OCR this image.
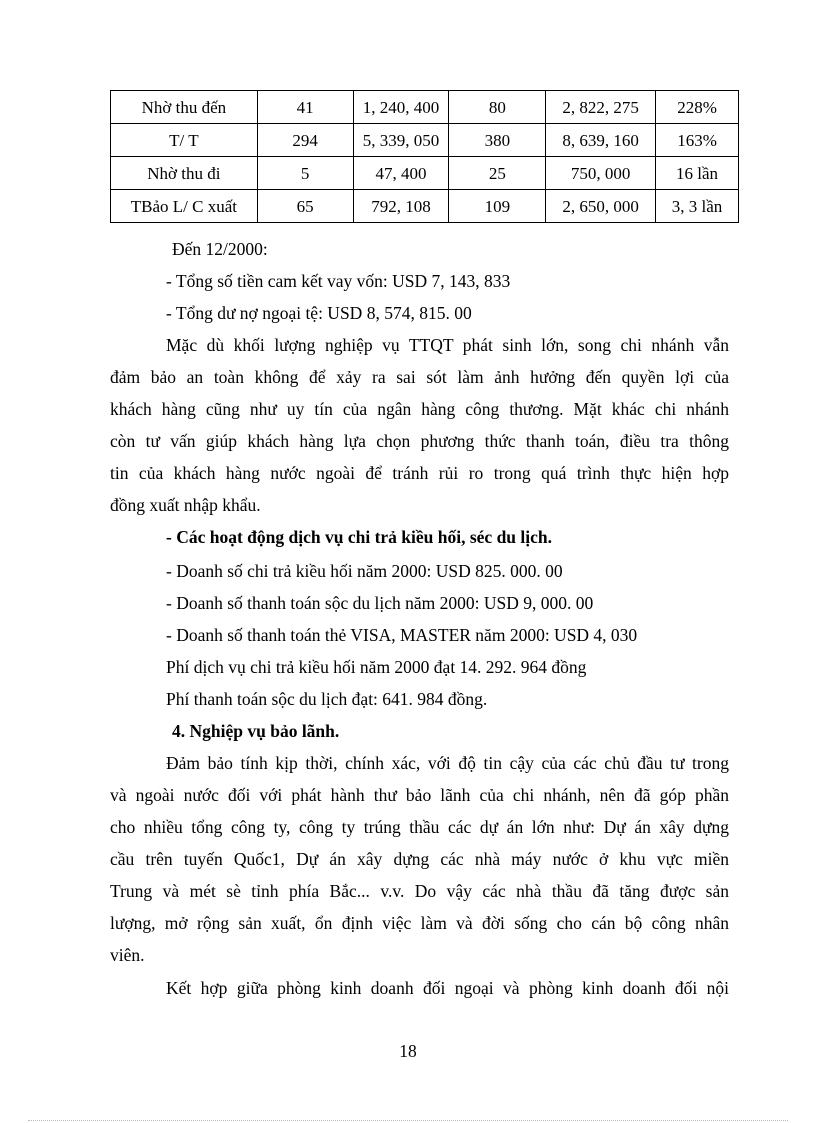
Nhờ thu đến	41	1, 240, 400	80	2, 822, 275	228%
T/ T	294	5, 339, 050	380	8, 639, 160	163%
Nhờ thu đi	5	47, 400	25	750, 000	16 lần
TBảo L/ C xuất	65	792, 108	109	2, 650, 000	3, 3 lần
Đến 12/2000:
- Tổng số tiền cam kết vay vốn: USD 7, 143, 833
- Tổng dư nợ ngoại tệ: USD 8, 574, 815. 00
Mặc dù khối lượng nghiệp vụ TTQT phát sinh lớn, song chi nhánh vẫn
đảm bảo an toàn không để xảy ra sai sót làm ảnh hưởng đến quyền lợi của
khách hàng cũng như uy tín của ngân hàng công thương. Mặt khác chi nhánh
còn tư vấn giúp khách hàng lựa chọn phương thức thanh toán, điều tra thông
tin của khách hàng nước ngoài để tránh rủi ro trong quá trình thực hiện hợp
đồng xuất nhập khẩu.
- Các hoạt động dịch vụ chi trả kiều hối, séc du lịch.
- Doanh số chi trả kiều hối năm 2000: USD 825. 000. 00
- Doanh số thanh toán sộc du lịch năm 2000: USD 9, 000. 00
- Doanh số thanh toán thẻ VISA, MASTER năm 2000: USD 4, 030
Phí dịch vụ chi trả kiều hối năm 2000 đạt 14. 292. 964 đồng
Phí thanh toán sộc du lịch đạt: 641. 984 đồng.
4. Nghiệp vụ bảo lãnh.
Đảm bảo tính kịp thời, chính xác, với độ tin cậy của các chủ đầu tư trong
và ngoài nước đối với phát hành thư bảo lãnh của chi nhánh, nên đã góp phần
cho nhiều tổng công ty, công ty trúng thầu các dự án lớn như: Dự án xây dựng
cầu trên tuyến Quốc1, Dự án xây dựng các nhà máy nước ở khu vực miền
Trung và mét sè tỉnh phía Bắc... v.v. Do vậy các nhà thầu đã tăng được sản
lượng, mở rộng sản xuất, ổn định việc làm và đời sống cho cán bộ công nhân
viên.
Kết hợp giữa phòng kinh doanh đối ngoại và phòng kinh doanh đối nội
18
